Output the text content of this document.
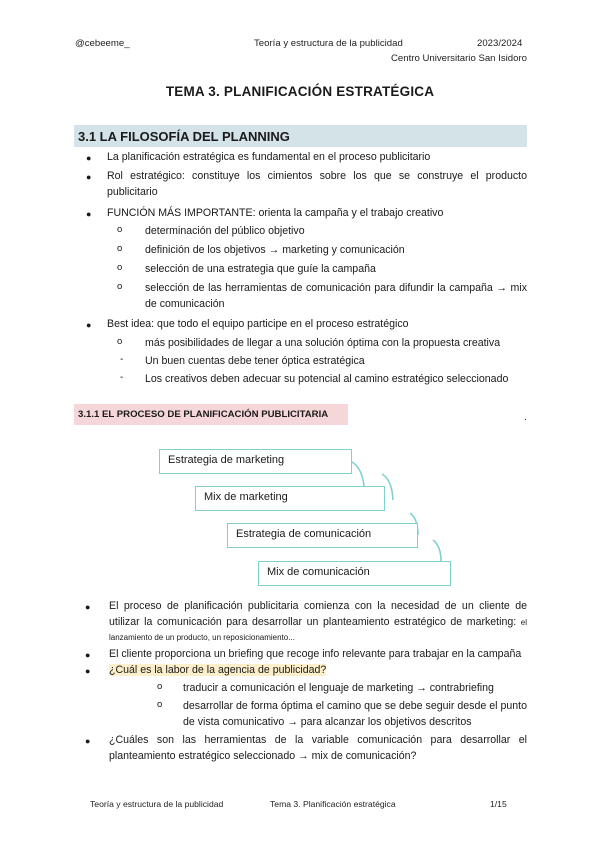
@cebeeme_	Teoría y estructura de la publicidad	2023/2024
Centro Universitario San Isidoro
TEMA 3. PLANIFICACIÓN ESTRATÉGICA
3.1 LA FILOSOFÍA DEL PLANNING
● La planificación estratégica es fundamental en el proceso publicitario
● Rol estratégico: constituye los cimientos sobre los que se construye el producto publicitario
● FUNCIÓN MÁS IMPORTANTE: orienta la campaña y el trabajo creativo
o determinación del público objetivo
o definición de los objetivos → marketing y comunicación
o selección de una estrategia que guíe la campaña
o selección de las herramientas de comunicación para difundir la campaña → mix de comunicación
● Best idea: que todo el equipo participe en el proceso estratégico
o más posibilidades de llegar a una solución óptima con la propuesta creativa
- Un buen cuentas debe tener óptica estratégica
- Los creativos deben adecuar su potencial al camino estratégico seleccionado
3.1.1 EL PROCESO DE PLANIFICACIÓN PUBLICITARIA	.
Estrategia de marketing
Mix de marketing
Estrategia de comunicación
Mix de comunicación
● El proceso de planificación publicitaria comienza con la necesidad de un cliente de utilizar la comunicación para desarrollar un planteamiento estratégico de marketing: el lanzamiento de un producto, un reposicionamiento...
● El cliente proporciona un briefing que recoge info relevante para trabajar en la campaña
● ¿Cuál es la labor de la agencia de publicidad?
o traducir a comunicación el lenguaje de marketing → contrabriefing
o desarrollar de forma óptima el camino que se debe seguir desde el punto de vista comunicativo → para alcanzar los objetivos descritos
● ¿Cuáles son las herramientas de la variable comunicación para desarrollar el planteamiento estratégico seleccionado → mix de comunicación?
Teoría y estructura de la publicidad	Tema 3. Planificación estratégica	1/15
